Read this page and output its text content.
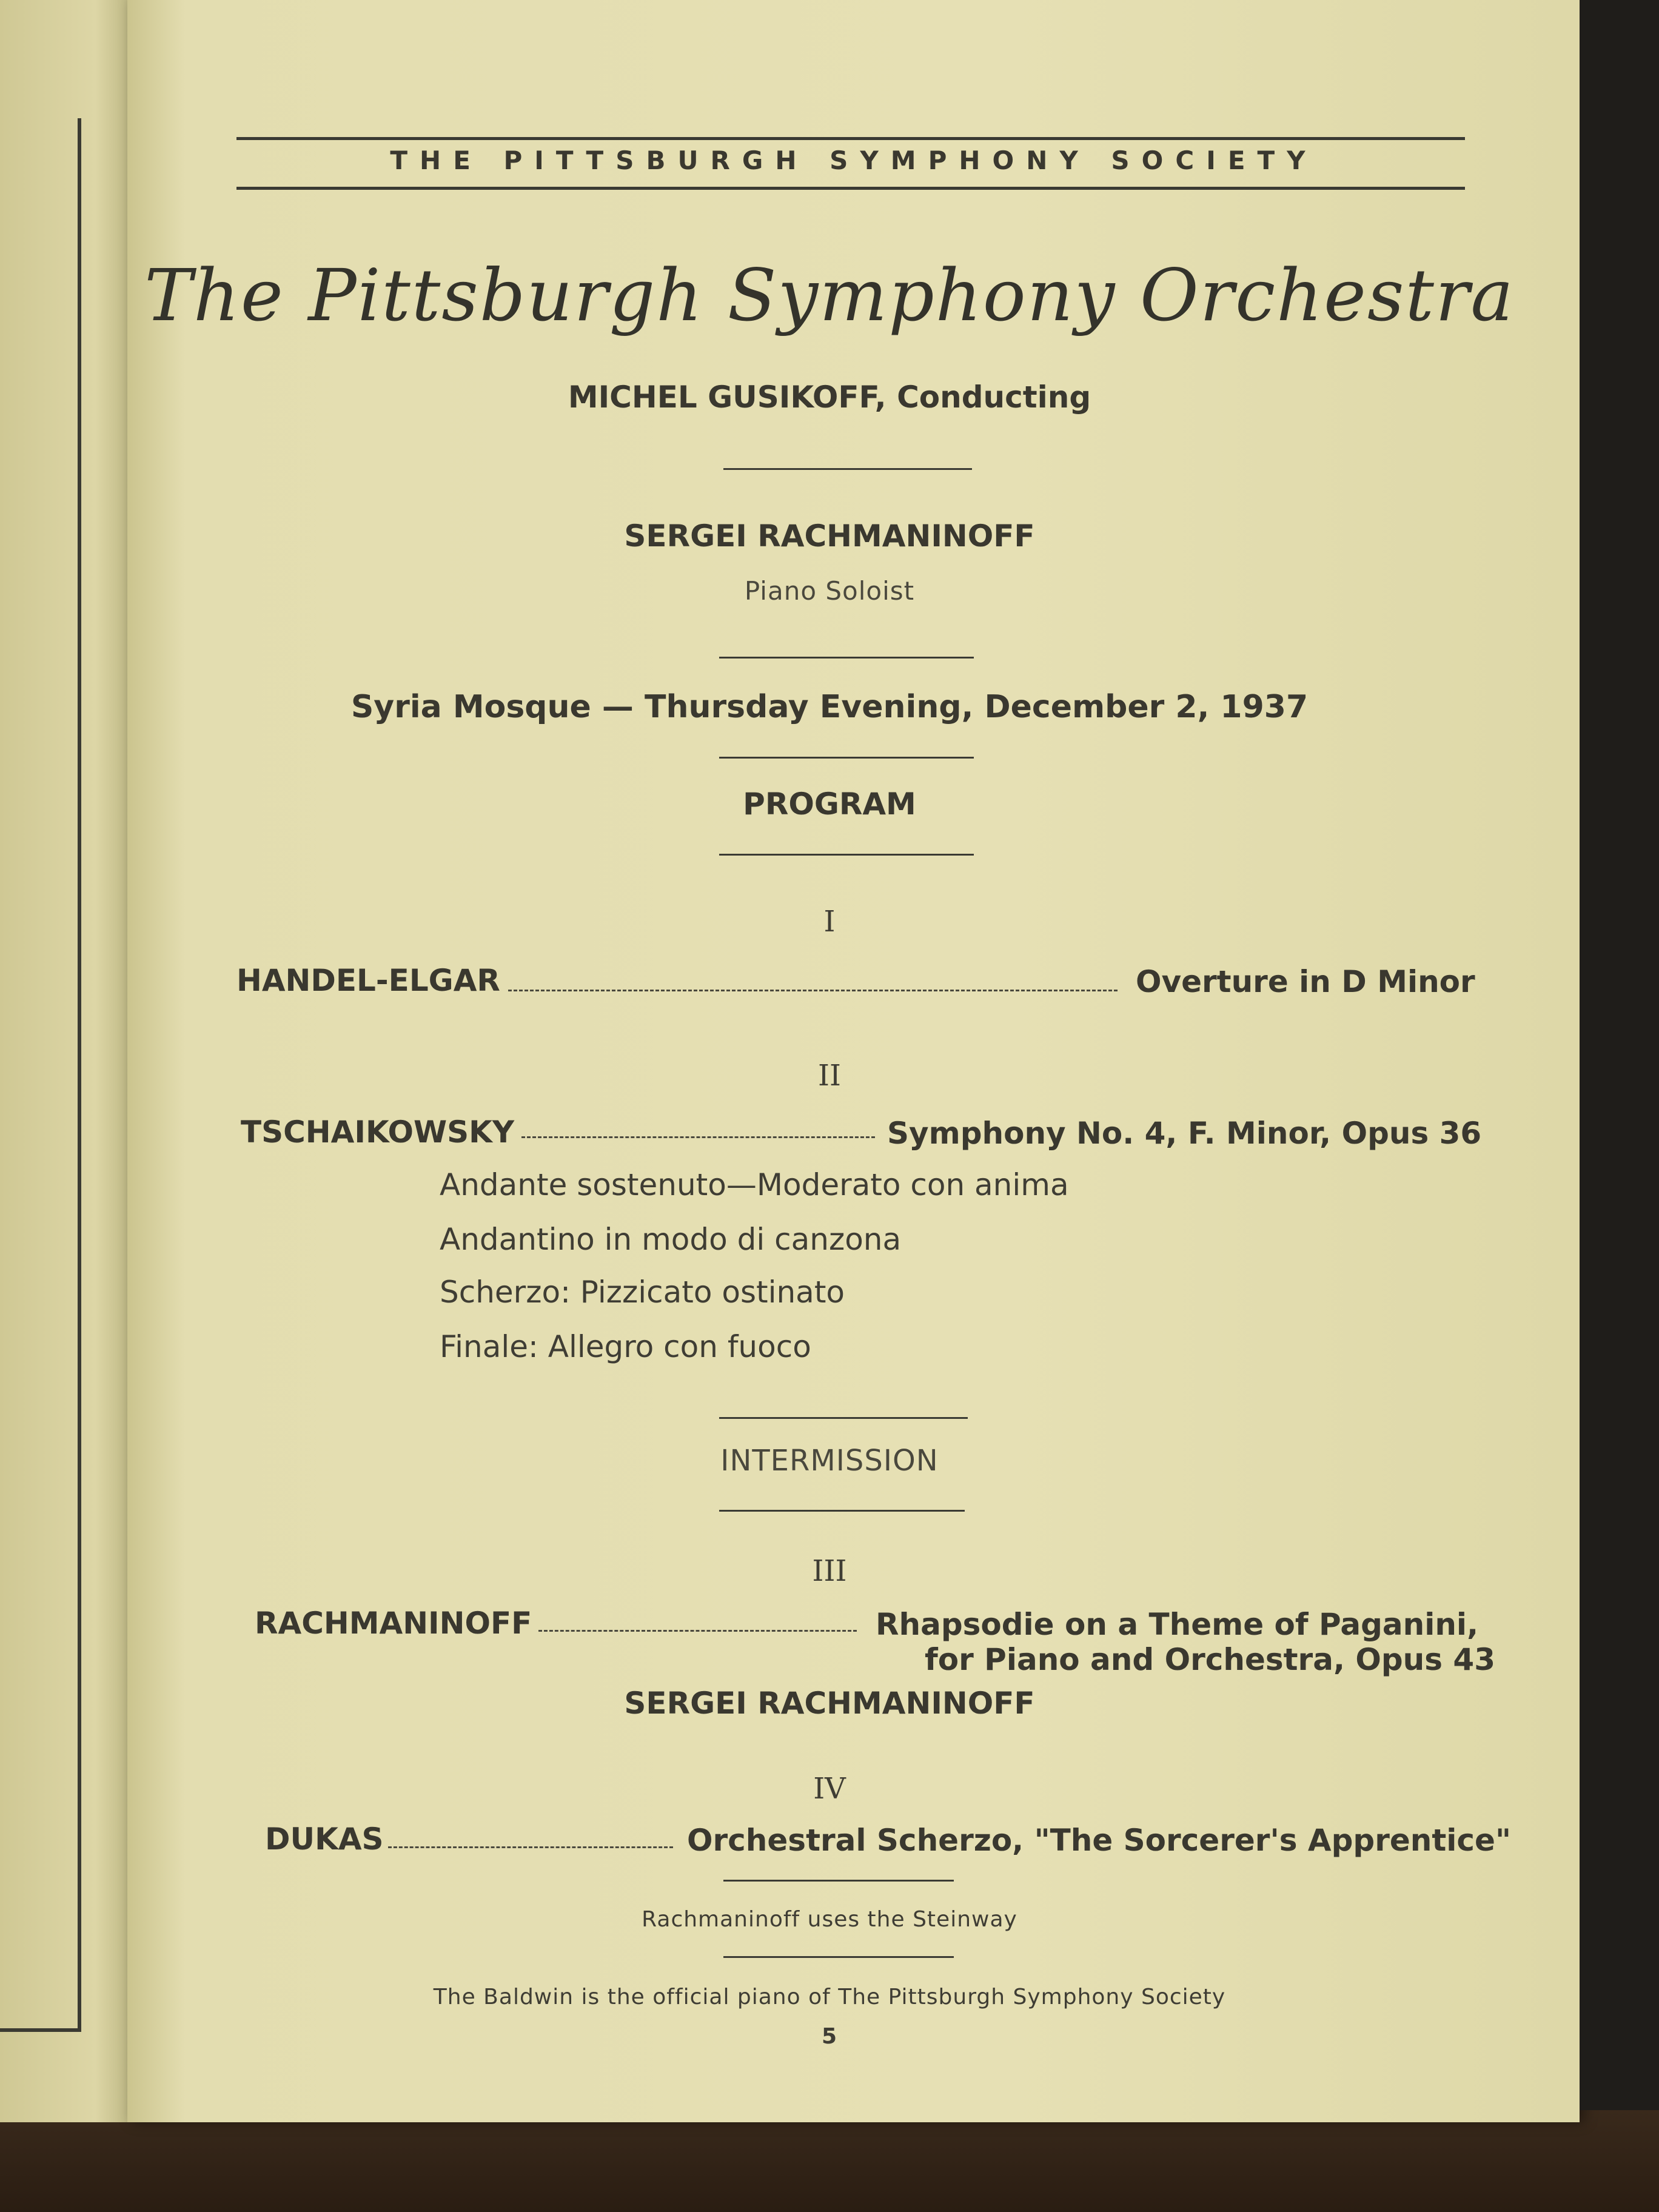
THE PITTSBURGH SYMPHONY SOCIETY
The Pittsburgh Symphony Orchestra
MICHEL GUSIKOFF, Conducting
SERGEI RACHMANINOFF
Piano Soloist
Syria Mosque — Thursday Evening, December 2, 1937
PROGRAM
I
HANDEL-ELGAR	Overture in D Minor
II
TSCHAIKOWSKY	Symphony No. 4, F. Minor, Opus 36
Andante sostenuto—Moderato con anima
Andantino in modo di canzona
Scherzo: Pizzicato ostinato
Finale: Allegro con fuoco
INTERMISSION
III
RACHMANINOFF	Rhapsodie on a Theme of Paganini,
for Piano and Orchestra, Opus 43
SERGEI RACHMANINOFF
IV
DUKAS	Orchestral Scherzo, "The Sorcerer's Apprentice"
Rachmaninoff uses the Steinway
The Baldwin is the official piano of The Pittsburgh Symphony Society
5
